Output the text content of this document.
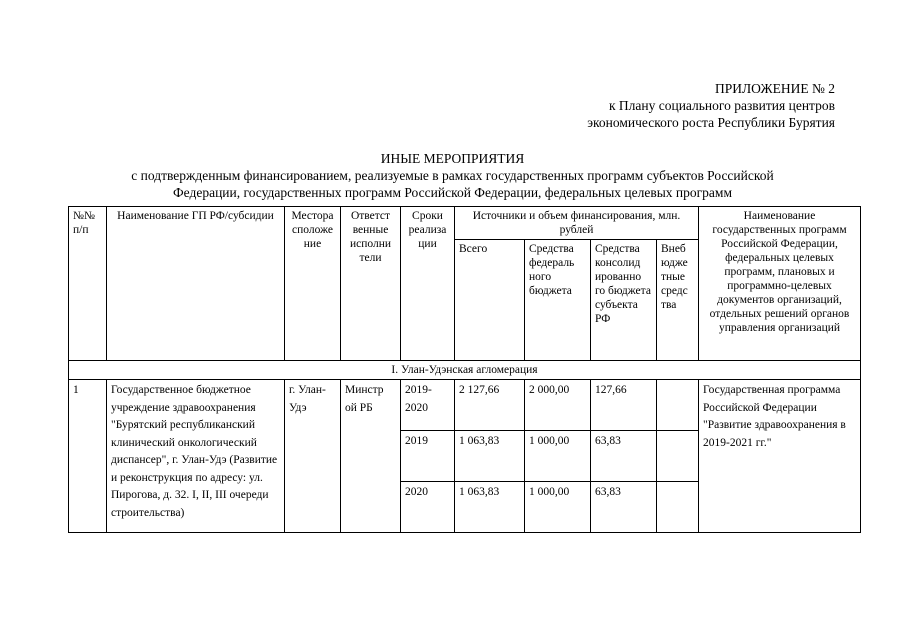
ПРИЛОЖЕНИЕ № 2
к Плану социального развития центров
экономического роста Республики Бурятия
ИНЫЕ МЕРОПРИЯТИЯ
с подтвержденным финансированием, реализуемые в рамках государственных программ субъектов Российской
Федерации, государственных программ Российской Федерации, федеральных целевых программ
№№ п/п	Наименование ГП РФ/субсидии	Местора сположе ние	Ответст венные исполни тели	Сроки реализа ции	Источники и объем финансирования, млн. рублей				Наименование государственных программ Российской Федерации, федеральных целевых программ, плановых и программно-целевых документов организаций, отдельных решений органов управления организаций
					Всего	Средства федераль ного бюджета	Средства консолид ированно го бюджета субъекта РФ	Внеб юдже тные средс тва	
I. Улан-Удэнская агломерация									
1	Государственное бюджетное учреждение здравоохранения "Бурятский республиканский клинический онкологический диспансер", г. Улан-Удэ (Развитие и реконструкция по адресу: ул. Пирогова, д. 32. I, II, III очереди строительства)	г. Улан-Удэ	Минстр ой РБ	2019-2020	2 127,66	2 000,00	127,66		Государственная программа Российской Федерации "Развитие здравоохранения в 2019-2021 гг."
				2019	1 063,83	1 000,00	63,83		
				2020	1 063,83	1 000,00	63,83		
